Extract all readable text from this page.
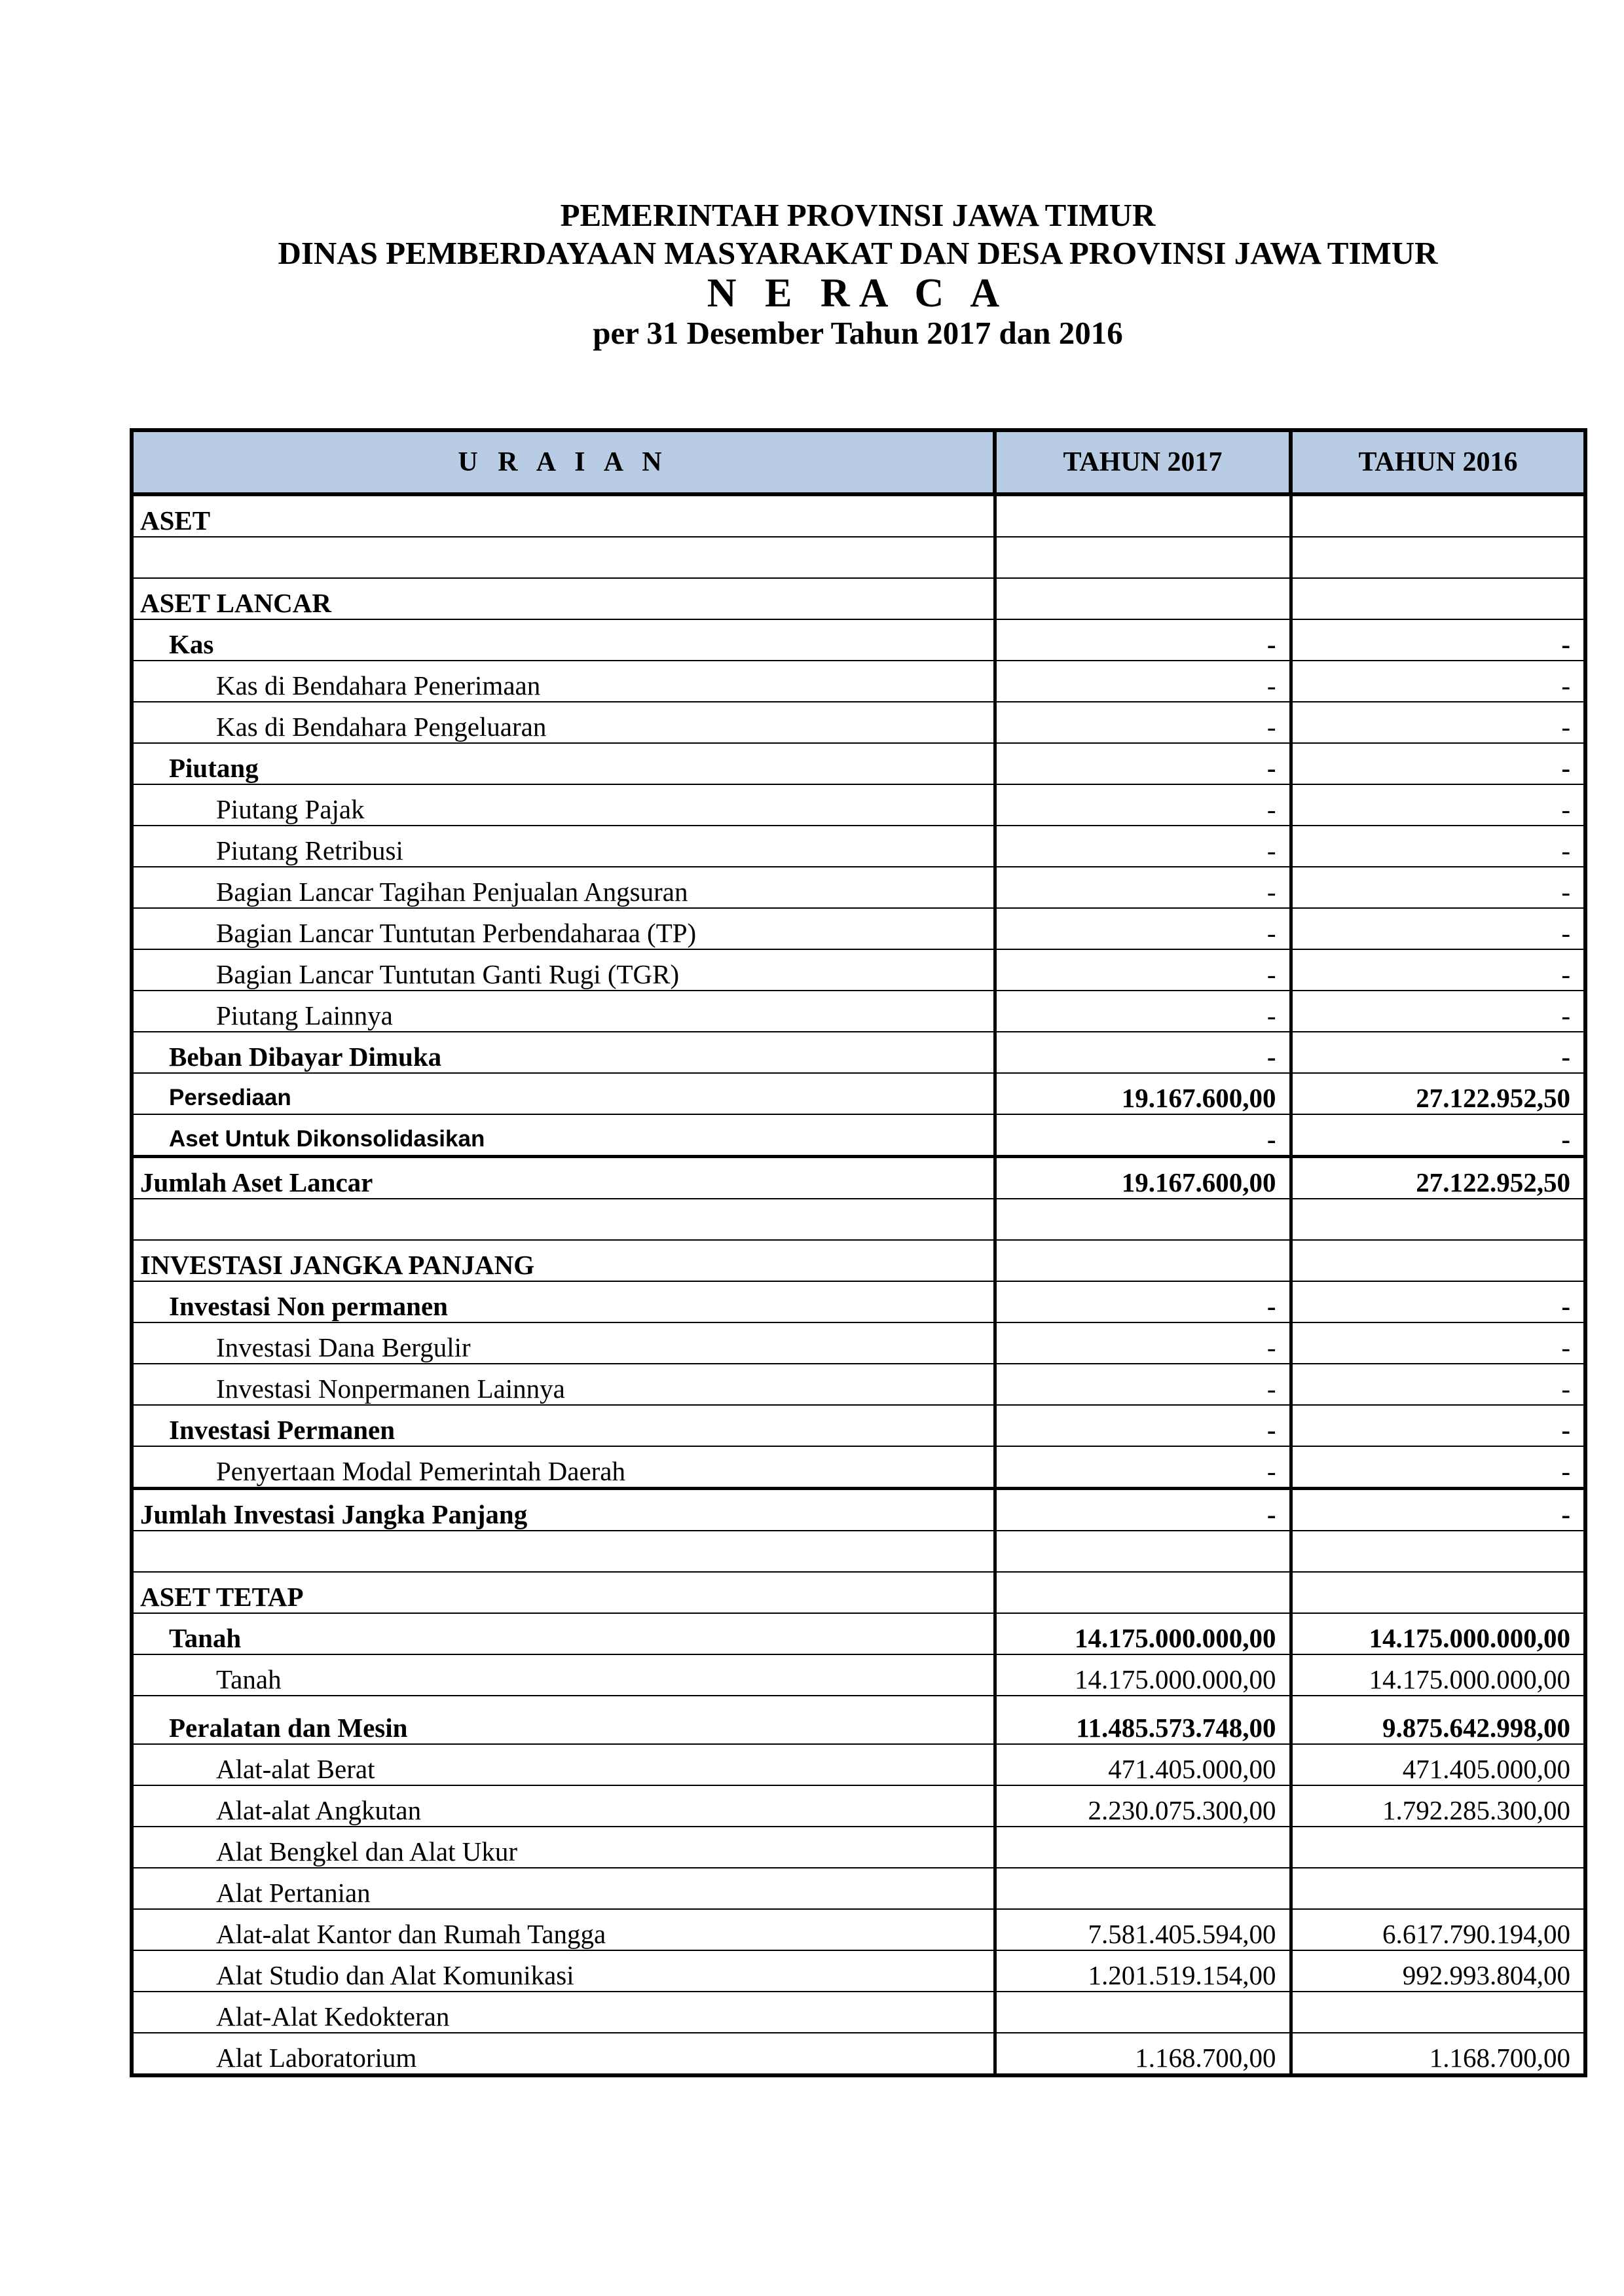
PEMERINTAH PROVINSI JAWA TIMUR
DINAS PEMBERDAYAAN MASYARAKAT DAN DESA PROVINSI JAWA TIMUR
N E RA C A
per 31 Desember Tahun 2017 dan 2016
U R A I A N	TAHUN 2017	TAHUN 2016
ASET		

ASET LANCAR		
Kas	-	-
Kas di Bendahara Penerimaan	-	-
Kas di Bendahara Pengeluaran	-	-
Piutang	-	-
Piutang Pajak	-	-
Piutang Retribusi	-	-
Bagian Lancar Tagihan Penjualan Angsuran	-	-
Bagian Lancar Tuntutan Perbendaharaa (TP)	-	-
Bagian Lancar Tuntutan Ganti Rugi (TGR)	-	-
Piutang Lainnya	-	-
Beban Dibayar Dimuka	-	-
Persediaan	19.167.600,00	27.122.952,50
Aset Untuk Dikonsolidasikan	-	-
Jumlah Aset Lancar	19.167.600,00	27.122.952,50

INVESTASI JANGKA PANJANG		
Investasi Non permanen	-	-
Investasi Dana Bergulir	-	-
Investasi Nonpermanen Lainnya	-	-
Investasi Permanen	-	-
Penyertaan Modal Pemerintah Daerah	-	-
Jumlah Investasi Jangka Panjang	-	-

ASET TETAP		
Tanah	14.175.000.000,00	14.175.000.000,00
Tanah	14.175.000.000,00	14.175.000.000,00
Peralatan dan Mesin	11.485.573.748,00	9.875.642.998,00
Alat-alat Berat	471.405.000,00	471.405.000,00
Alat-alat Angkutan	2.230.075.300,00	1.792.285.300,00
Alat Bengkel dan Alat Ukur		
Alat Pertanian		
Alat-alat Kantor dan Rumah Tangga	7.581.405.594,00	6.617.790.194,00
Alat Studio dan Alat Komunikasi	1.201.519.154,00	992.993.804,00
Alat-Alat Kedokteran		
Alat Laboratorium	1.168.700,00	1.168.700,00
